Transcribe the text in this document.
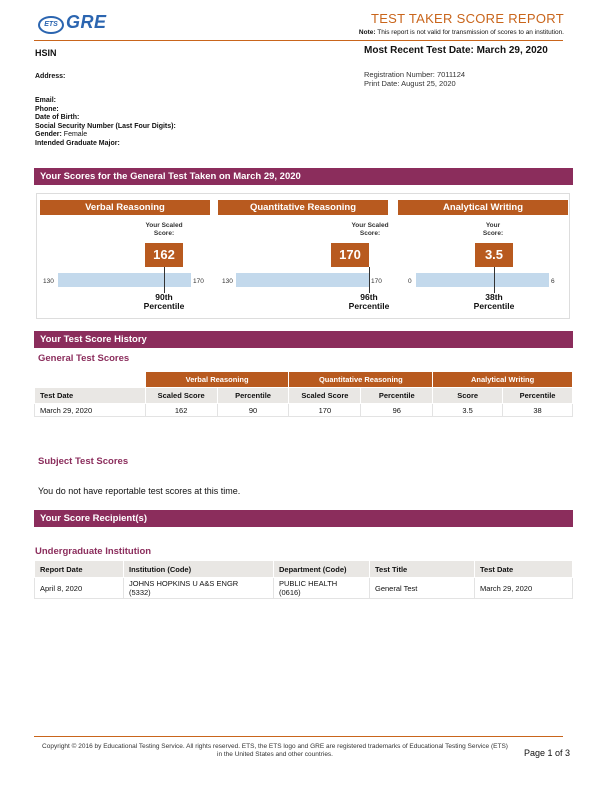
ETS GRE	TEST TAKER SCORE REPORT
Note: This report is not valid for transmission of scores to an institution.
HSIN	Most Recent Test Date: March 29, 2020
Registration Number: 7011124
Print Date: August 25, 2020
Address:
Email:
Phone:
Date of Birth:
Social Security Number (Last Four Digits):
Gender: Female
Intended Graduate Major:
Your Scores for the General Test Taken on March 29, 2020
Verbal Reasoning
Your Scaled
Score:
162
130	170
90th
Percentile
Quantitative Reasoning
Your Scaled
Score:
170
130	170
96th
Percentile
Analytical Writing
Your
Score:
3.5
0	6
38th
Percentile
Your Test Score History
General Test Scores
	Verbal Reasoning		Quantitative Reasoning		Analytical Writing	
Test Date	Scaled Score	Percentile	Scaled Score	Percentile	Score	Percentile
March 29, 2020	162	90	170	96	3.5	38
Subject Test Scores
You do not have reportable test scores at this time.
Your Score Recipient(s)
Undergraduate Institution
Report Date	Institution (Code)	Department (Code)	Test Title	Test Date
April 8, 2020	JOHNS HOPKINS U A&S ENGR (5332)	PUBLIC HEALTH (0616)	General Test	March 29, 2020
Copyright © 2016 by Educational Testing Service. All rights reserved. ETS, the ETS logo and GRE are registered trademarks of Educational Testing Service (ETS) in the United States and other countries.	Page 1 of 3
